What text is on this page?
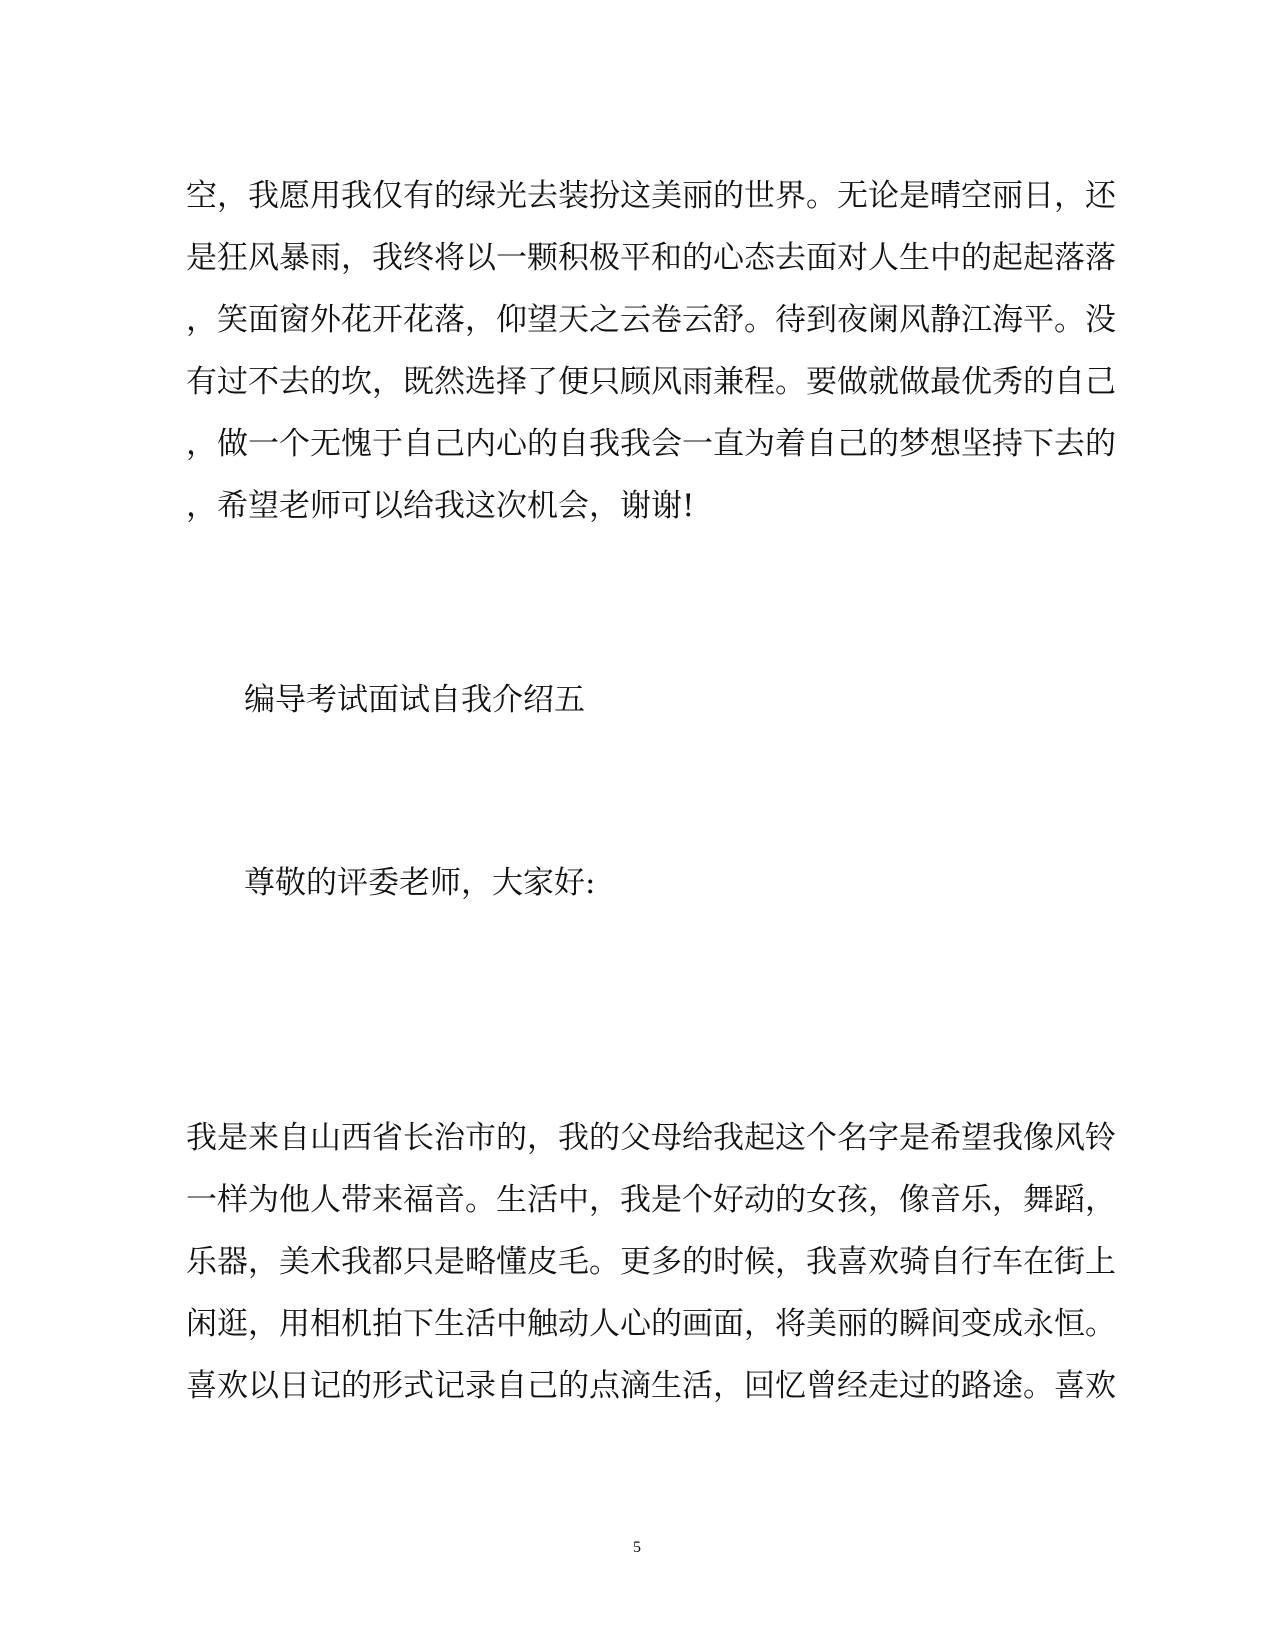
空，我愿用我仅有的绿光去装扮这美丽的世界。无论是晴空丽日，还
是狂风暴雨，我终将以一颗积极平和的心态去面对人生中的起起落落
，笑面窗外花开花落，仰望天之云卷云舒。待到夜阑风静江海平。没
有过不去的坎，既然选择了便只顾风雨兼程。要做就做最优秀的自己
，做一个无愧于自己内心的自我我会一直为着自己的梦想坚持下去的
，希望老师可以给我这次机会，谢谢!
编导考试面试自我介绍五
尊敬的评委老师，大家好:
我是来自山西省长治市的，我的父母给我起这个名字是希望我像风铃
一样为他人带来福音。生活中，我是个好动的女孩，像音乐，舞蹈，
乐器，美术我都只是略懂皮毛。更多的时候，我喜欢骑自行车在街上
闲逛，用相机拍下生活中触动人心的画面，将美丽的瞬间变成永恒。
喜欢以日记的形式记录自己的点滴生活，回忆曾经走过的路途。喜欢
5
